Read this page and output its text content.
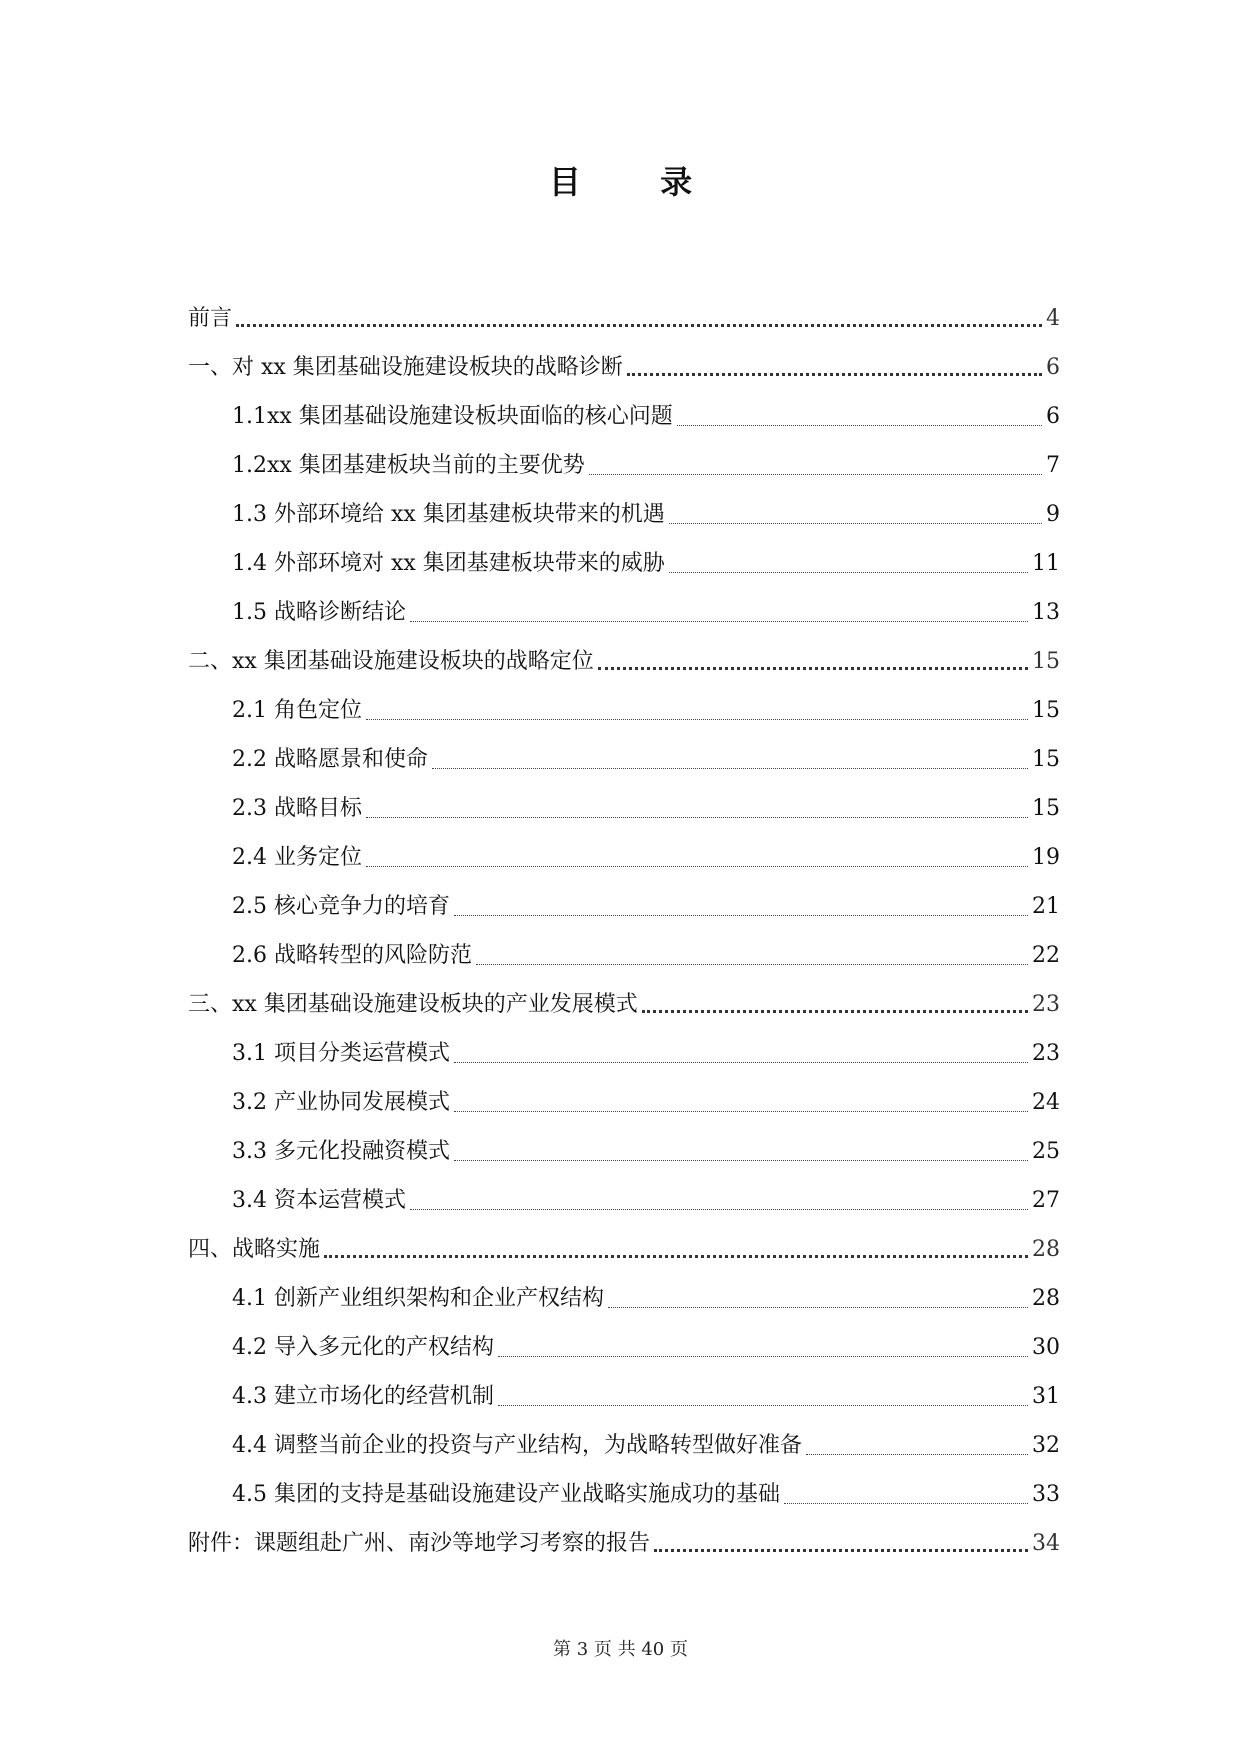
目 录
前言	4
一、对 xx 集团基础设施建设板块的战略诊断	6
1.1xx 集团基础设施建设板块面临的核心问题	6
1.2xx 集团基建板块当前的主要优势	7
1.3 外部环境给 xx 集团基建板块带来的机遇	9
1.4 外部环境对 xx 集团基建板块带来的威胁	11
1.5 战略诊断结论	13
二、xx 集团基础设施建设板块的战略定位	15
2.1 角色定位	15
2.2 战略愿景和使命	15
2.3 战略目标	15
2.4 业务定位	19
2.5 核心竞争力的培育	21
2.6 战略转型的风险防范	22
三、xx 集团基础设施建设板块的产业发展模式	23
3.1 项目分类运营模式	23
3.2 产业协同发展模式	24
3.3 多元化投融资模式	25
3.4 资本运营模式	27
四、战略实施	28
4.1 创新产业组织架构和企业产权结构	28
4.2 导入多元化的产权结构	30
4.3 建立市场化的经营机制	31
4.4 调整当前企业的投资与产业结构，为战略转型做好准备	32
4.5 集团的支持是基础设施建设产业战略实施成功的基础	33
附件：课题组赴广州、南沙等地学习考察的报告	34
第 3 页 共 40 页
